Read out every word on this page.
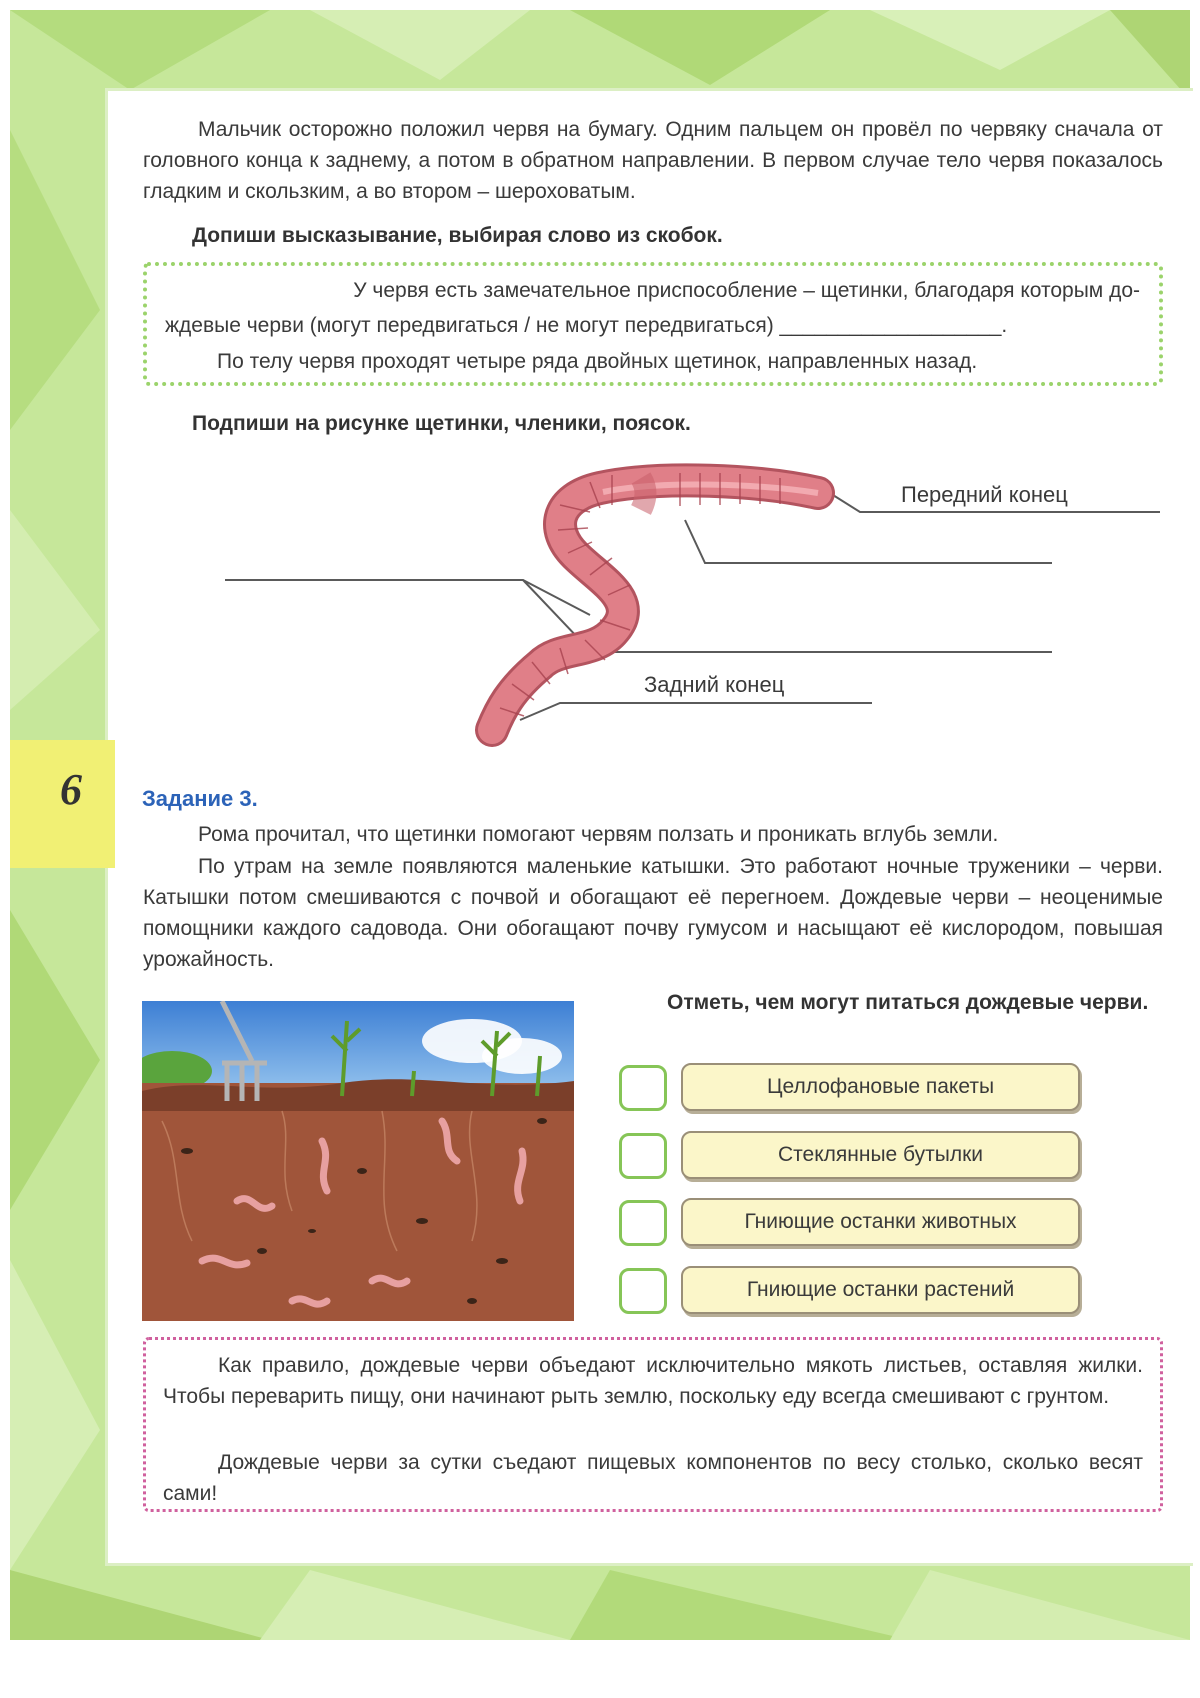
6
Мальчик осторожно положил червя на бумагу. Одним пальцем он провёл по червяку сначала от головного конца к заднему, а потом в обратном направлении. В первом случае тело червя показалось гладким и скользким, а во втором – шероховатым.
Допиши высказывание, выбирая слово из скобок.
У червя есть замечательное приспособление – щетинки, благодаря которым до-
ждевые черви (могут передвигаться / не могут передвигаться) ___________________.
По телу червя проходят четыре ряда двойных щетинок, направленных назад.
Подпиши на рисунке щетинки, членики, поясок.
Передний конец
Задний конец
Задание 3.
Рома прочитал, что щетинки помогают червям ползать и проникать вглубь земли.
По утрам на земле появляются маленькие катышки. Это работают ночные труженики – черви. Катышки потом смешиваются с почвой и обогащают её перегноем. Дождевые черви – неоценимые помощники каждого садовода. Они обогащают почву гумусом и насыщают её кислородом, повышая урожайность.
Отметь, чем могут питаться дождевые черви.
Целлофановые пакеты
Стеклянные бутылки
Гниющие останки животных
Гниющие останки растений
Как правило, дождевые черви объедают исключительно мякоть листьев, оставляя жилки. Чтобы переварить пищу, они начинают рыть землю, поскольку еду всегда смешивают с грунтом.
Дождевые черви за сутки съедают пищевых компонентов по весу столько, сколько весят сами!
